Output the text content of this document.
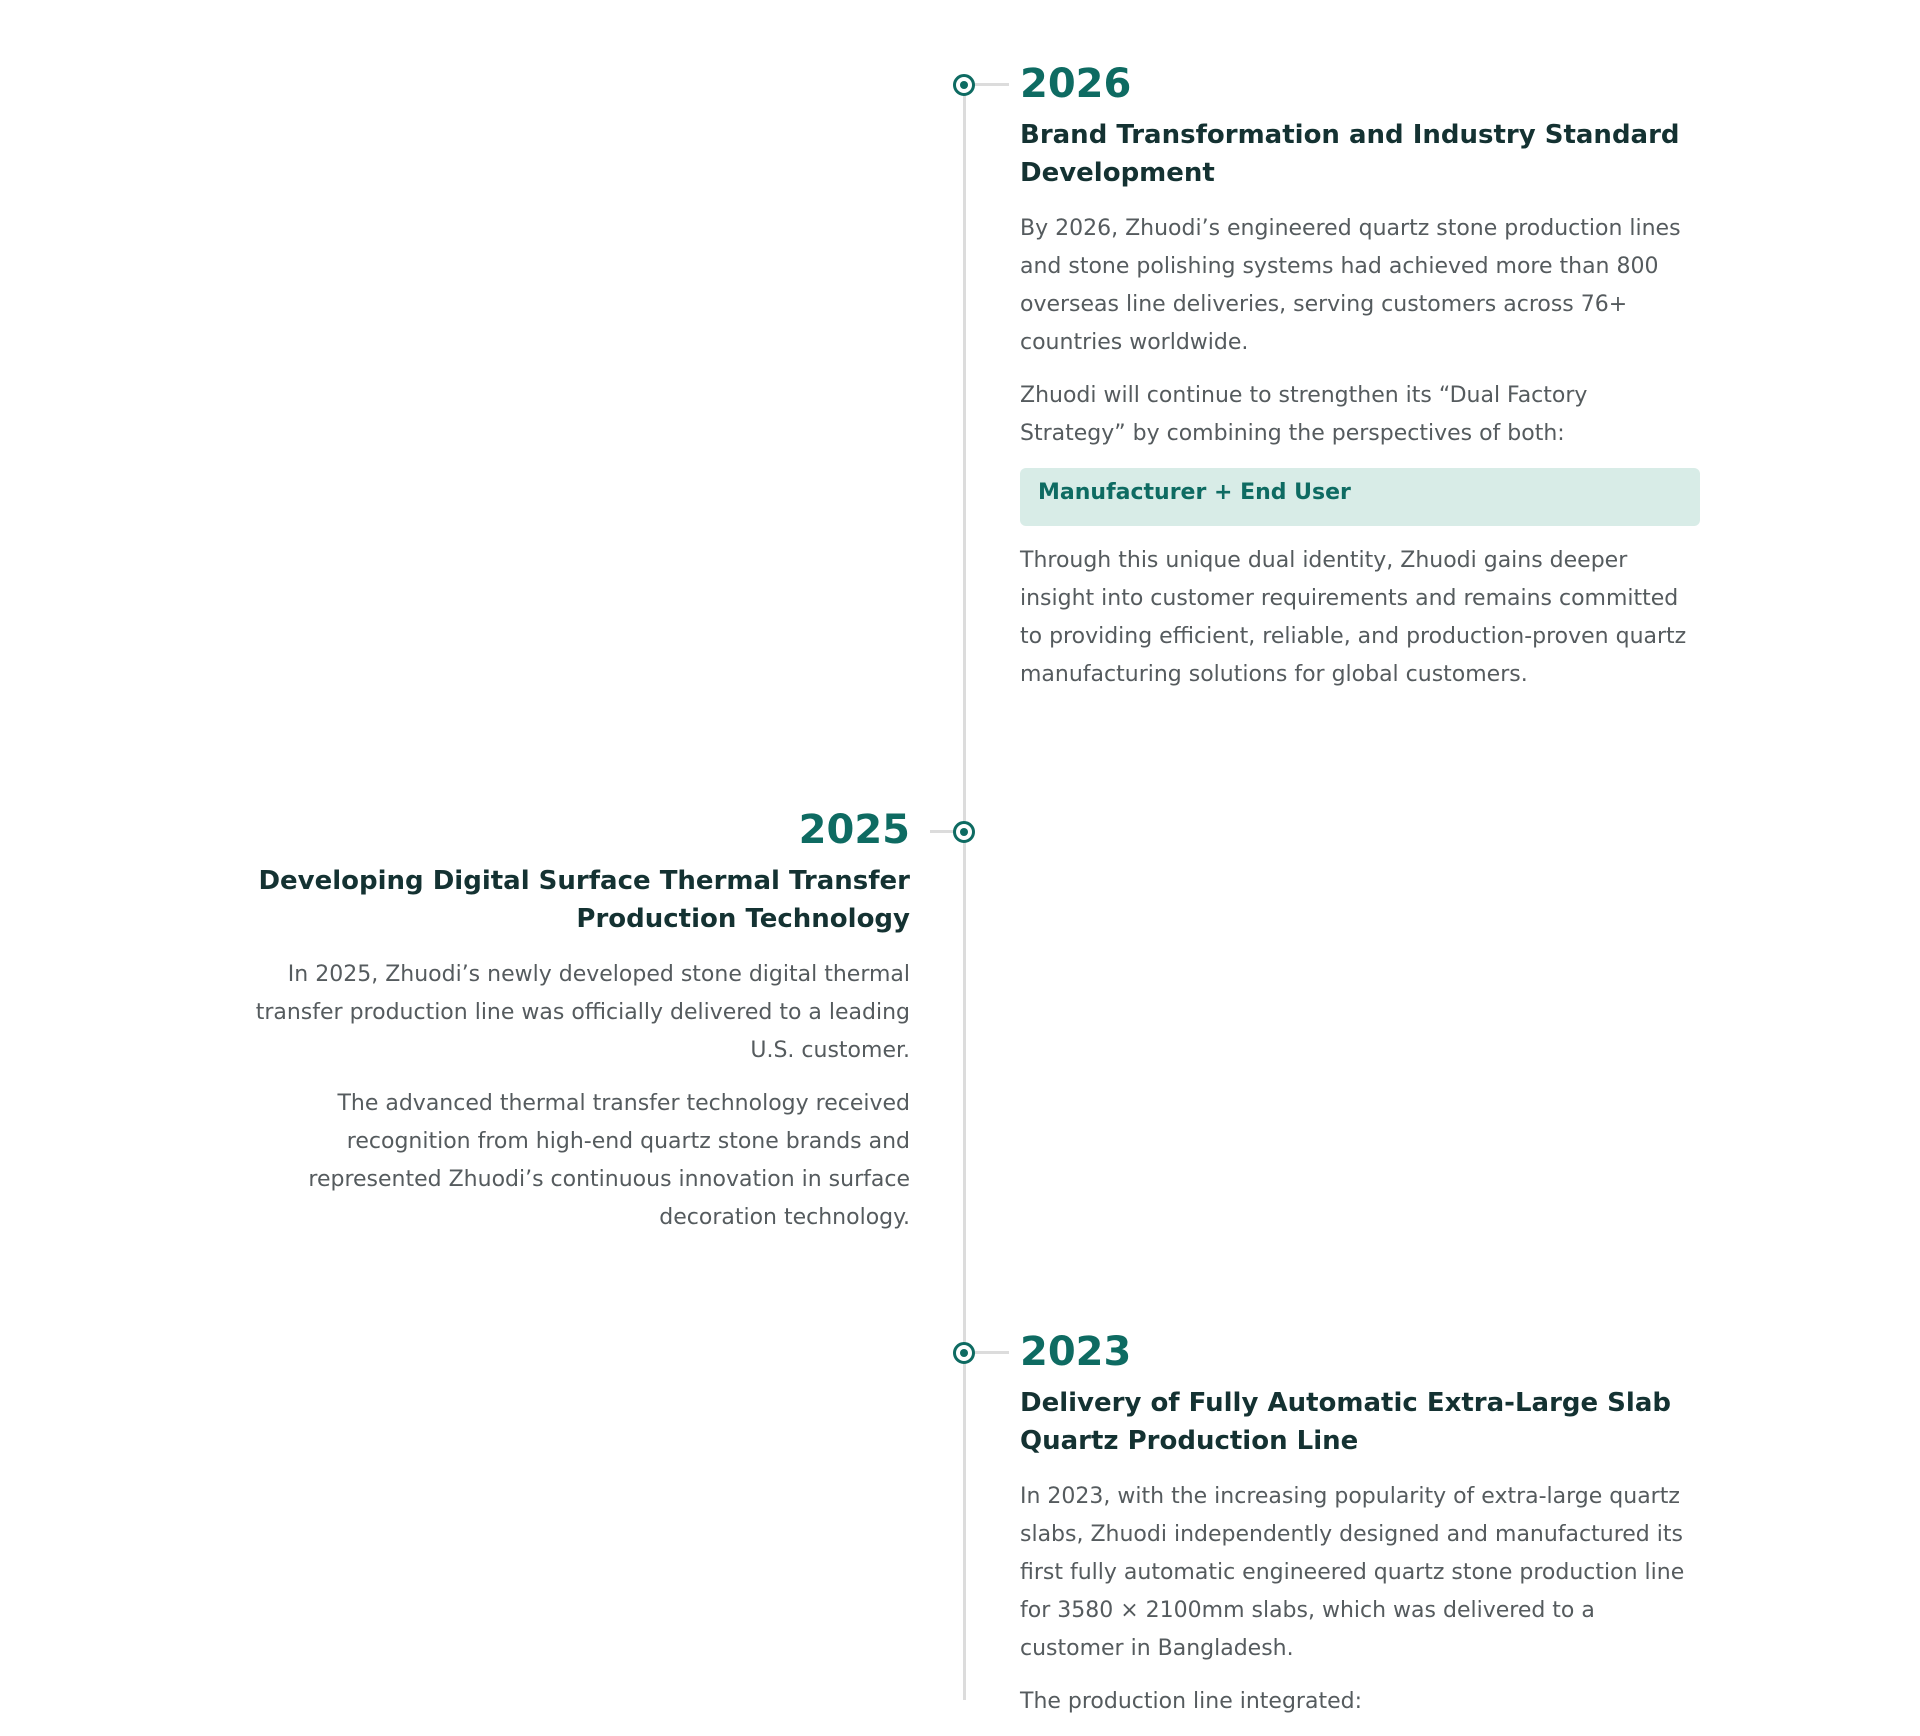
2026
Brand Transformation and Industry Standard Development

By 2026, Zhuodi’s engineered quartz stone production lines and stone polishing systems had achieved more than 800 overseas line deliveries, serving customers across 76+ countries worldwide.

Zhuodi will continue to strengthen its “Dual Factory Strategy” by combining the perspectives of both:

Manufacturer + End User

Through this unique dual identity, Zhuodi gains deeper insight into customer requirements and remains committed to providing efficient, reliable, and production-proven quartz manufacturing solutions for global customers.

2025
Developing Digital Surface Thermal Transfer Production Technology

In 2025, Zhuodi’s newly developed stone digital thermal transfer production line was officially delivered to a leading U.S. customer.

The advanced thermal transfer technology received recognition from high-end quartz stone brands and represented Zhuodi’s continuous innovation in surface decoration technology.

2023
Delivery of Fully Automatic Extra-Large Slab Quartz Production Line

In 2023, with the increasing popularity of extra-large quartz slabs, Zhuodi independently designed and manufactured its first fully automatic engineered quartz stone production line for 3580 × 2100mm slabs, which was delivered to a customer in Bangladesh.

The production line integrated:
